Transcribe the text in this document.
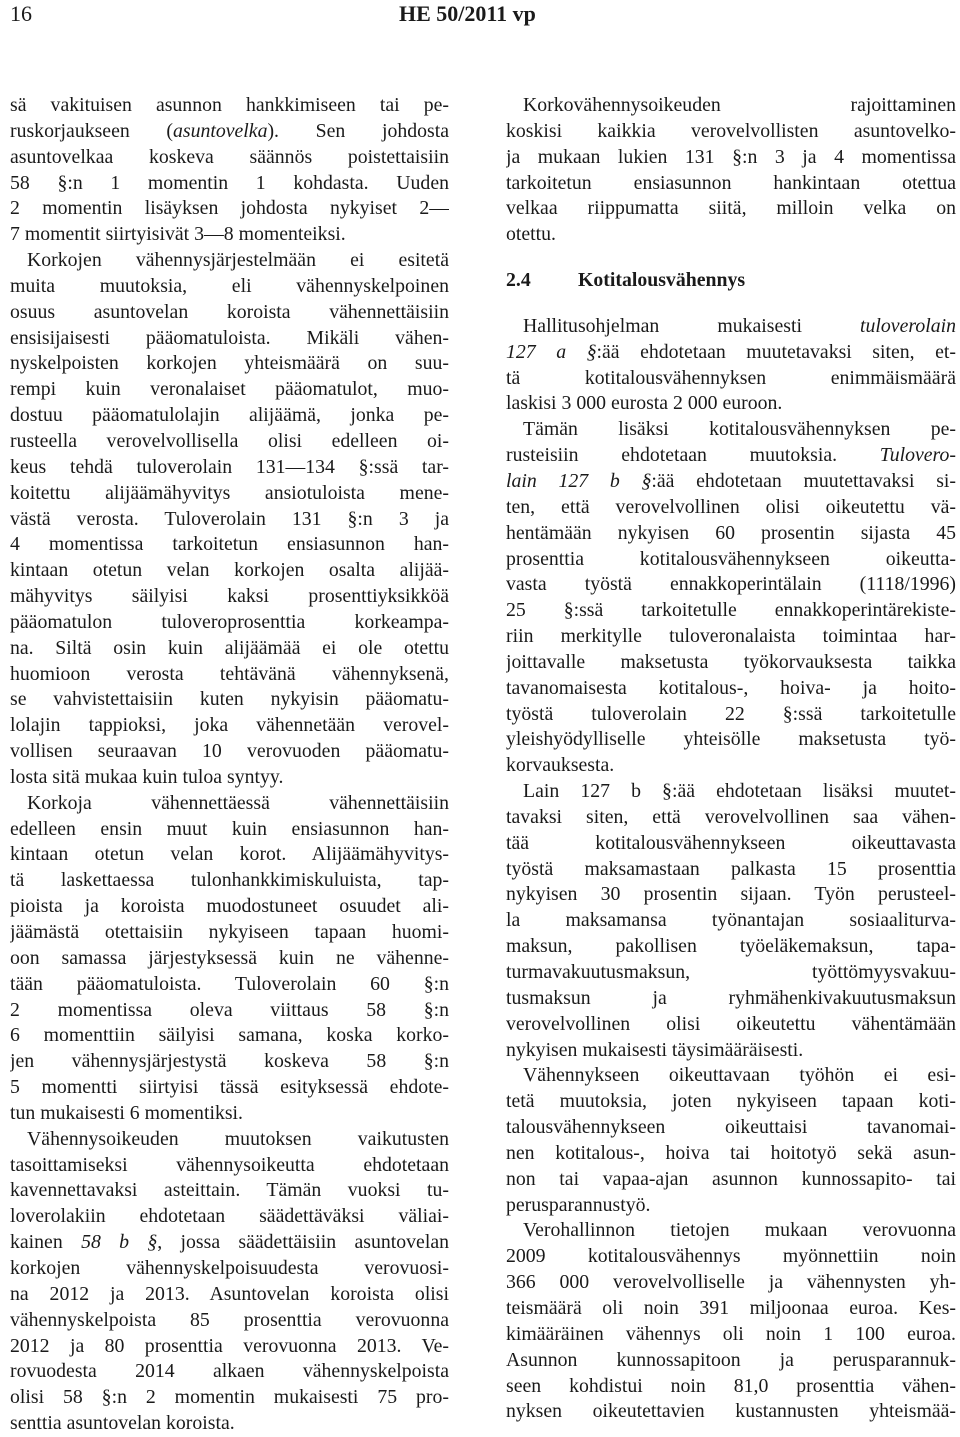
16	HE 50/2011 vp
sä vakituisen asunnon hankkimiseen tai pe-
ruskorjaukseen (asuntovelka). Sen johdosta
asuntovelkaa koskeva säännös poistettaisiin
58 §:n 1 momentin 1 kohdasta. Uuden
2 momentin lisäyksen johdosta nykyiset 2—
7 momentit siirtyisivät 3—8 momenteiksi.
Korkojen vähennysjärjestelmään ei esitetä
muita muutoksia, eli vähennyskelpoinen
osuus asuntovelan koroista vähennettäisiin
ensisijaisesti pääomatuloista. Mikäli vähen-
nyskelpoisten korkojen yhteismäärä on suu-
rempi kuin veronalaiset pääomatulot, muo-
dostuu pääomatulolajin alijäämä, jonka pe-
rusteella verovelvollisella olisi edelleen oi-
keus tehdä tuloverolain 131—134 §:ssä tar-
koitettu alijäämähyvitys ansiotuloista mene-
västä verosta. Tuloverolain 131 §:n 3 ja
4 momentissa tarkoitetun ensiasunnon han-
kintaan otetun velan korkojen osalta alijää-
mähyvitys säilyisi kaksi prosenttiyksikköä
pääomatulon tuloveroprosenttia korkeampa-
na. Siltä osin kuin alijäämää ei ole otettu
huomioon verosta tehtävänä vähennyksenä,
se vahvistettaisiin kuten nykyisin pääomatu-
lolajin tappioksi, joka vähennetään verovel-
vollisen seuraavan 10 verovuoden pääomatu-
losta sitä mukaa kuin tuloa syntyy.
Korkoja vähennettäessä vähennettäisiin
edelleen ensin muut kuin ensiasunnon han-
kintaan otetun velan korot. Alijäämähyvitys-
tä laskettaessa tulonhankkimiskuluista, tap-
pioista ja koroista muodostuneet osuudet ali-
jäämästä otettaisiin nykyiseen tapaan huomi-
oon samassa järjestyksessä kuin ne vähenne-
tään pääomatuloista. Tuloverolain 60 §:n
2 momentissa oleva viittaus 58 §:n
6 momenttiin säilyisi samana, koska korko-
jen vähennysjärjestystä koskeva 58 §:n
5 momentti siirtyisi tässä esityksessä ehdote-
tun mukaisesti 6 momentiksi.
Vähennysoikeuden muutoksen vaikutusten
tasoittamiseksi vähennysoikeutta ehdotetaan
kavennettavaksi asteittain. Tämän vuoksi tu-
loverolakiin ehdotetaan säädettäväksi väliai-
kainen 58 b §, jossa säädettäisiin asuntovelan
korkojen vähennyskelpoisuudesta verovuosi-
na 2012 ja 2013. Asuntovelan koroista olisi
vähennyskelpoista 85 prosenttia verovuonna
2012 ja 80 prosenttia verovuonna 2013. Ve-
rovuodesta 2014 alkaen vähennyskelpoista
olisi 58 §:n 2 momentin mukaisesti 75 pro-
senttia asuntovelan koroista.
Korkovähennysoikeuden rajoittaminen
koskisi kaikkia verovelvollisten asuntovelko-
ja mukaan lukien 131 §:n 3 ja 4 momentissa
tarkoitetun ensiasunnon hankintaan otettua
velkaa riippumatta siitä, milloin velka on
otettu.
2.4 Kotitalousvähennys
Hallitusohjelman mukaisesti tuloverolain
127 a §:ää ehdotetaan muutetavaksi siten, et-
tä kotitalousvähennyksen enimmäismäärä
laskisi 3 000 eurosta 2 000 euroon.
Tämän lisäksi kotitalousvähennyksen pe-
rusteisiin ehdotetaan muutoksia. Tulovero-
lain 127 b §:ää ehdotetaan muutettavaksi si-
ten, että verovelvollinen olisi oikeutettu vä-
hentämään nykyisen 60 prosentin sijasta 45
prosenttia kotitalousvähennykseen oikeutta-
vasta työstä ennakkoperintälain (1118/1996)
25 §:ssä tarkoitetulle ennakkoperintärekiste-
riin merkitylle tuloveronalaista toimintaa har-
joittavalle maksetusta työkorvauksesta taikka
tavanomaisesta kotitalous-, hoiva- ja hoito-
työstä tuloverolain 22 §:ssä tarkoitetulle
yleishyödylliselle yhteisölle maksetusta työ-
korvauksesta.
Lain 127 b §:ää ehdotetaan lisäksi muutet-
tavaksi siten, että verovelvollinen saa vähen-
tää kotitalousvähennykseen oikeuttavasta
työstä maksamastaan palkasta 15 prosenttia
nykyisen 30 prosentin sijaan. Työn perusteel-
la maksamansa työnantajan sosiaaliturva-
maksun, pakollisen työeläkemaksun, tapa-
turmavakuutusmaksun, työttömyysvakuu-
tusmaksun ja ryhmähenkivakuutusmaksun
verovelvollinen olisi oikeutettu vähentämään
nykyisen mukaisesti täysimääräisesti.
Vähennykseen oikeuttavaan työhön ei esi-
tetä muutoksia, joten nykyiseen tapaan koti-
talousvähennykseen oikeuttaisi tavanomai-
nen kotitalous-, hoiva tai hoitotyö sekä asun-
non tai vapaa-ajan asunnon kunnossapito- tai
perusparannustyö.
Verohallinnon tietojen mukaan verovuonna
2009 kotitalousvähennys myönnettiin noin
366 000 verovelvolliselle ja vähennysten yh-
teismäärä oli noin 391 miljoonaa euroa. Kes-
kimääräinen vähennys oli noin 1 100 euroa.
Asunnon kunnossapitoon ja perusparannuk-
seen kohdistui noin 81,0 prosenttia vähen-
nyksen oikeutettavien kustannusten yhteismää-
